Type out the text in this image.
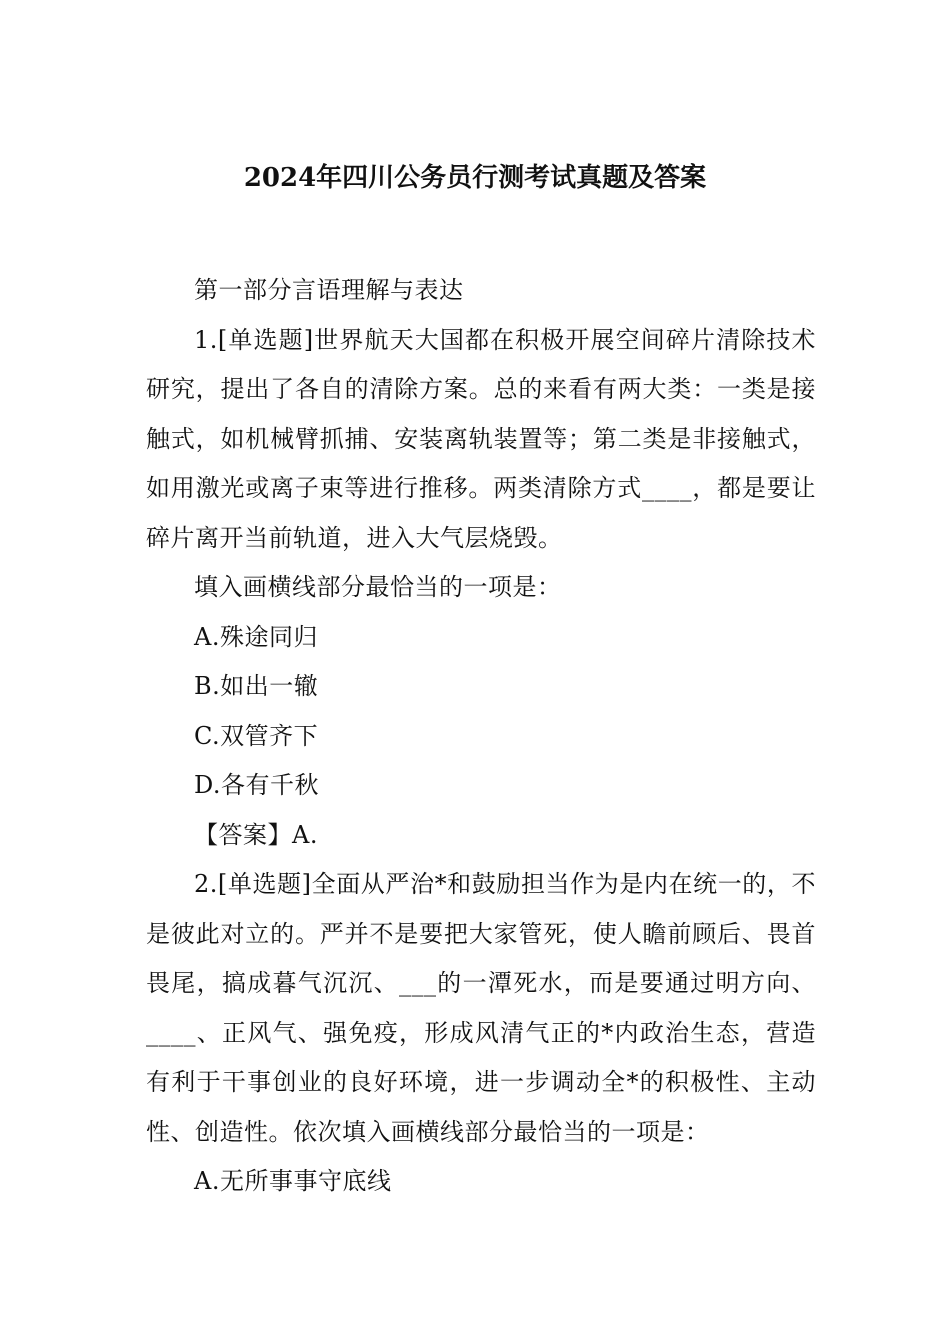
2024年四川公务员行测考试真题及答案

第一部分言语理解与表达

1.[单选题]世界航天大国都在积极开展空间碎片清除技术研究，提出了各自的清除方案。总的来看有两大类：一类是接触式，如机械臂抓捕、安装离轨装置等；第二类是非接触式，如用激光或离子束等进行推移。两类清除方式____，都是要让碎片离开当前轨道，进入大气层烧毁。

填入画横线部分最恰当的一项是：

A.殊途同归

B.如出一辙

C.双管齐下

D.各有千秋

【答案】A.

2.[单选题]全面从严治*和鼓励担当作为是内在统一的，不是彼此对立的。严并不是要把大家管死，使人瞻前顾后、畏首畏尾，搞成暮气沉沉、___的一潭死水，而是要通过明方向、____、正风气、强免疫，形成风清气正的*内政治生态，营造有利于干事创业的良好环境，进一步调动全*的积极性、主动性、创造性。依次填入画横线部分最恰当的一项是：

A.无所事事守底线
